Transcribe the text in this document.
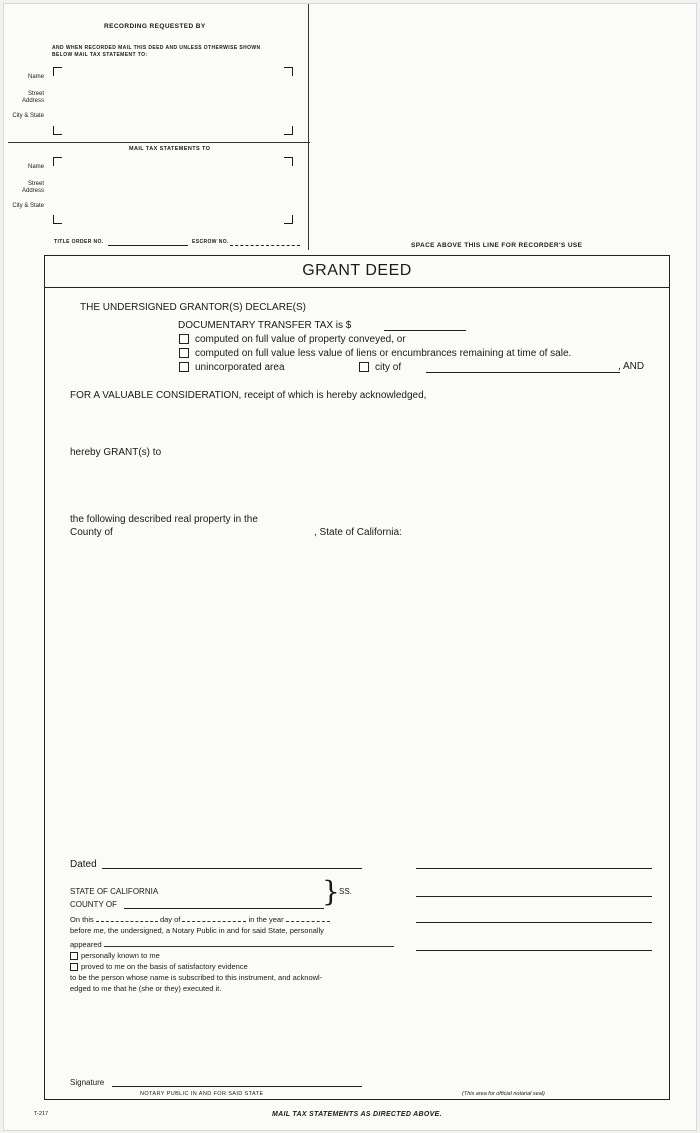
RECORDING REQUESTED BY
AND WHEN RECORDED MAIL THIS DEED AND UNLESS OTHERWISE SHOWN
BELOW MAIL TAX STATEMENT TO:
Name
Street Address
City & State
MAIL TAX STATEMENTS TO
Name
Street Address
City & State
TITLE ORDER NO.	ESCROW NO.	SPACE ABOVE THIS LINE FOR RECORDER'S USE
GRANT DEED
THE UNDERSIGNED GRANTOR(S) DECLARE(S)
DOCUMENTARY TRANSFER TAX is $
computed on full value of property conveyed, or
computed on full value less value of liens or encumbrances remaining at time of sale.
unincorporated area	city of	, AND
FOR A VALUABLE CONSIDERATION, receipt of which is hereby acknowledged,
hereby GRANT(s) to
the following described real property in the
County of	, State of California:
Dated
STATE OF CALIFORNIA
COUNTY OF	} SS.
On this	day of	in the year
before me, the undersigned, a Notary Public in and for said State, personally
appeared
personally known to me
proved to me on the basis of satisfactory evidence
to be the person whose name is subscribed to this instrument, and acknowl-
edged to me that he (she or they) executed it.
Signature
NOTARY PUBLIC IN AND FOR SAID STATE	(This area for official notarial seal)
T-217	MAIL TAX STATEMENTS AS DIRECTED ABOVE.
